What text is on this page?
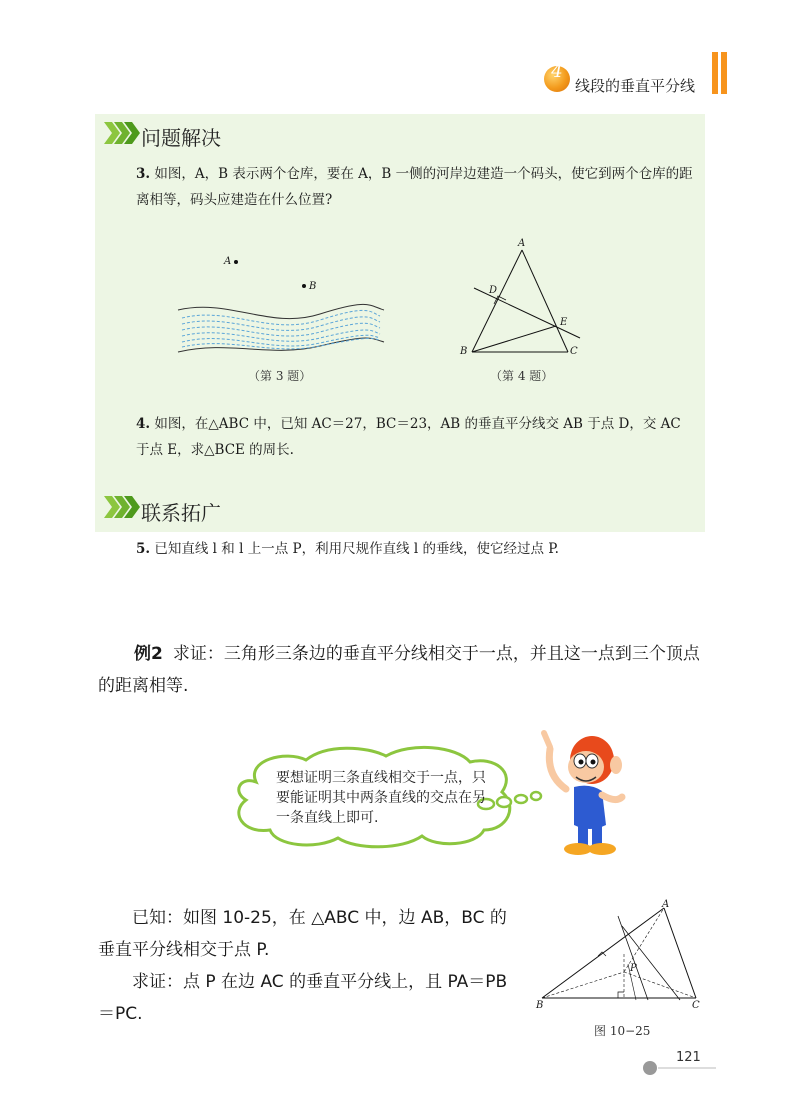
4
线段的垂直平分线
问题解决
3. 如图，A，B 表示两个仓库，要在 A，B 一侧的河岸边建造一个码头，使它到两个仓库的距离相等，码头应建造在什么位置?
A
B
（第 3 题）
A
B	C
D
E
（第 4 题）
4. 如图，在△ABC 中，已知 AC＝27，BC＝23，AB 的垂直平分线交 AB 于点 D，交 AC 于点 E，求△BCE 的周长.
联系拓广
5. 已知直线 l 和 l 上一点 P，利用尺规作直线 l 的垂线，使它经过点 P.
例2 求证：三角形三条边的垂直平分线相交于一点，并且这一点到三个顶点的距离相等.
要想证明三条直线相交于一点，只要能证明其中两条直线的交点在另一条直线上即可.
已知：如图 10-25，在 △ABC 中，边 AB，BC 的垂直平分线相交于点 P.
求证：点 P 在边 AC 的垂直平分线上，且 PA＝PB＝PC.
A
B	C
P
图 10−25
121
